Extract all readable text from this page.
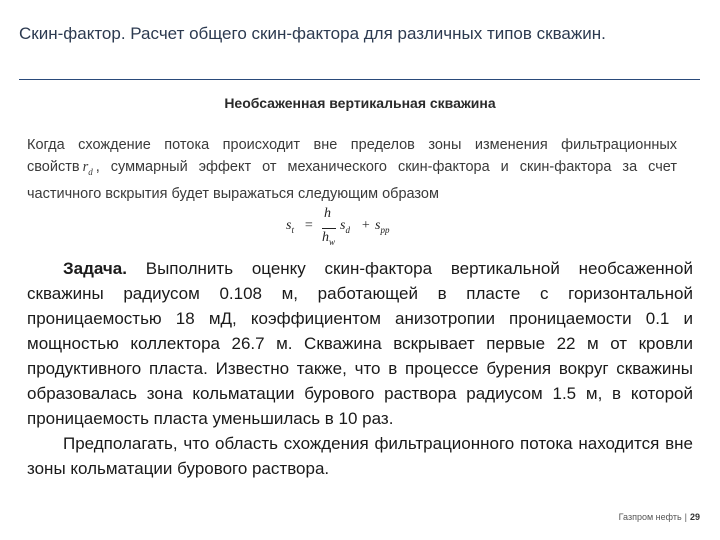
Скин-фактор. Расчет общего скин-фактора для различных типов скважин.
Необсаженная вертикальная скважина

Когда схождение потока происходит вне пределов зоны изменения фильтрационных свойств $r_d$ , суммарный эффект от механического скин-фактора и скин-фактора за счет частичного вскрытия будет выражаться следующим образом

$s_t$ =
h
$h_w$
$s_d + s_{pp}$

Задача. Выполнить оценку скин-фактора вертикальной необсаженной скважины радиусом 0.108 м, работающей в пласте с горизонтальной проницаемостью 18 мД, коэффициентом анизотропии проницаемости 0.1 и мощностью коллектора 26.7 м. Скважина вскрывает первые 22 м от кровли продуктивного пласта. Известно также, что в процессе бурения вокруг скважины образовалась зона кольматации бурового раствора радиусом 1.5 м, в которой проницаемость пласта уменьшилась в 10 раз.

Предполагать, что область схождения фильтрационного потока находится вне зоны кольматации бурового раствора.

Газпром нефть | 29
